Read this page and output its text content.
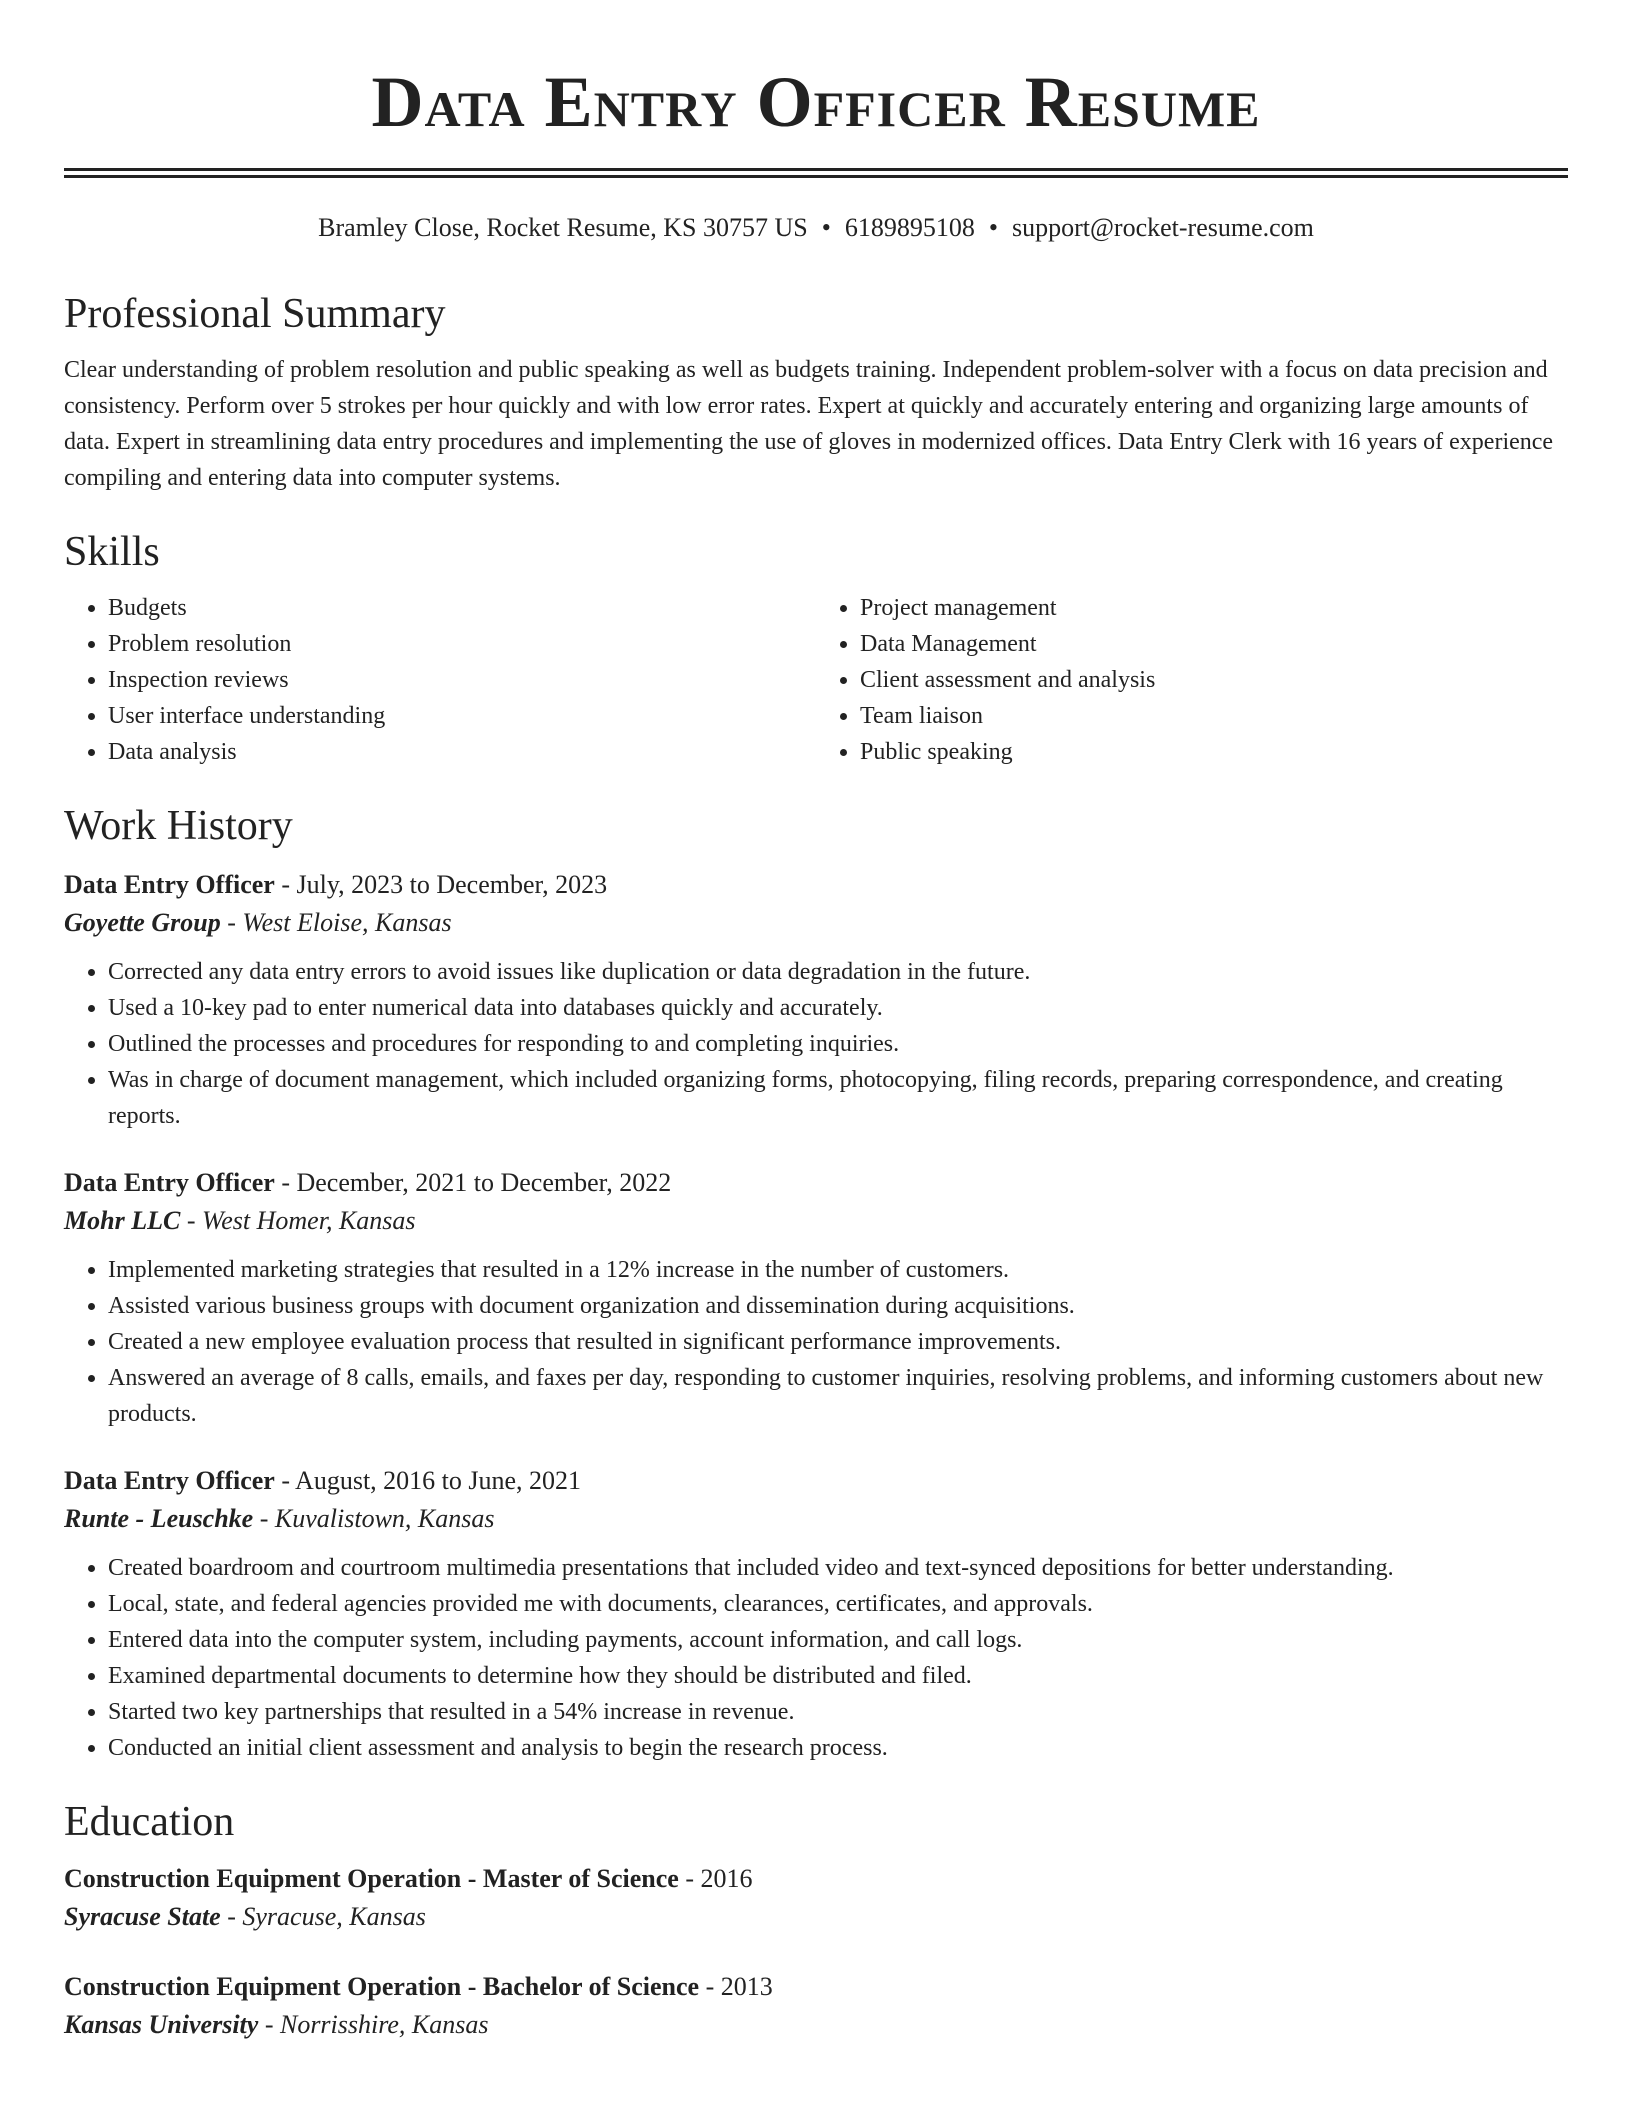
Data Entry Officer Resume
Bramley Close, Rocket Resume, KS 30757 US • 6189895108 • support@rocket-resume.com
Professional Summary

Clear understanding of problem resolution and public speaking as well as budgets training. Independent problem-solver with a focus on data precision and consistency. Perform over 5 strokes per hour quickly and with low error rates. Expert at quickly and accurately entering and organizing large amounts of data. Expert in streamlining data entry procedures and implementing the use of gloves in modernized offices. Data Entry Clerk with 16 years of experience compiling and entering data into computer systems.

Skills
• Budgets
• Problem resolution
• Inspection reviews
• User interface understanding
• Data analysis
• Project management
• Data Management
• Client assessment and analysis
• Team liaison
• Public speaking
Work History
Data Entry Officer - July, 2023 to December, 2023
Goyette Group - West Eloise, Kansas
• Corrected any data entry errors to avoid issues like duplication or data degradation in the future.
• Used a 10-key pad to enter numerical data into databases quickly and accurately.
• Outlined the processes and procedures for responding to and completing inquiries.
• Was in charge of document management, which included organizing forms, photocopying, filing records, preparing correspondence, and creating reports.
Data Entry Officer - December, 2021 to December, 2022
Mohr LLC - West Homer, Kansas
• Implemented marketing strategies that resulted in a 12% increase in the number of customers.
• Assisted various business groups with document organization and dissemination during acquisitions.
• Created a new employee evaluation process that resulted in significant performance improvements.
• Answered an average of 8 calls, emails, and faxes per day, responding to customer inquiries, resolving problems, and informing customers about new products.
Data Entry Officer - August, 2016 to June, 2021
Runte - Leuschke - Kuvalistown, Kansas
• Created boardroom and courtroom multimedia presentations that included video and text-synced depositions for better understanding.
• Local, state, and federal agencies provided me with documents, clearances, certificates, and approvals.
• Entered data into the computer system, including payments, account information, and call logs.
• Examined departmental documents to determine how they should be distributed and filed.
• Started two key partnerships that resulted in a 54% increase in revenue.
• Conducted an initial client assessment and analysis to begin the research process.
Education
Construction Equipment Operation - Master of Science - 2016
Syracuse State - Syracuse, Kansas
Construction Equipment Operation - Bachelor of Science - 2013
Kansas University - Norrisshire, Kansas
